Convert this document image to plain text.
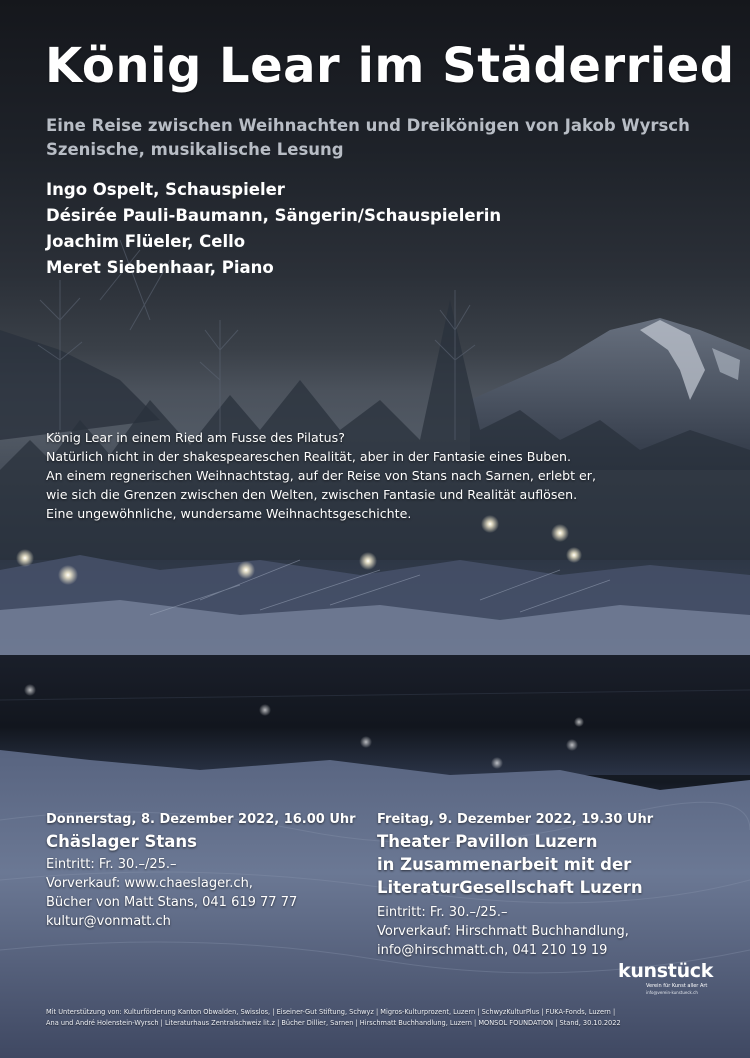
König Lear im Städerried
Eine Reise zwischen Weihnachten und Dreikönigen von Jakob Wyrsch
Szenische, musikalische Lesung
Ingo Ospelt, Schauspieler
Désirée Pauli-Baumann, Sängerin/Schauspielerin
Joachim Flüeler, Cello
Meret Siebenhaar, Piano
König Lear in einem Ried am Fusse des Pilatus?
Natürlich nicht in der shakespeareschen Realität, aber in der Fantasie eines Buben.
An einem regnerischen Weihnachtstag, auf der Reise von Stans nach Sarnen, erlebt er,
wie sich die Grenzen zwischen den Welten, zwischen Fantasie und Realität auflösen.
Eine ungewöhnliche, wundersame Weihnachtsgeschichte.
Donnerstag, 8. Dezember 2022, 16.00 Uhr
Chäslager Stans
Eintritt: Fr. 30.–/25.–
Vorverkauf: www.chaeslager.ch,
Bücher von Matt Stans, 041 619 77 77
kultur@vonmatt.ch
Freitag, 9. Dezember 2022, 19.30 Uhr
Theater Pavillon Luzern
in Zusammenarbeit mit der
LiteraturGesellschaft Luzern
Eintritt: Fr. 30.–/25.–
Vorverkauf: Hirschmatt Buchhandlung,
info@hirschmatt.ch, 041 210 19 19
kunstück
Verein für Kunst aller Art
info@verein-kunstueck.ch
Mit Unterstützung von: Kulturförderung Kanton Obwalden, Swisslos, | Eiseiner-Gut Stiftung, Schwyz | Migros-Kulturprozent, Luzern | SchwyzKulturPlus | FUKA-Fonds, Luzern |
Ana und André Holenstein-Wyrsch | Literaturhaus Zentralschweiz lit.z | Bücher Dillier, Sarnen | Hirschmatt Buchhandlung, Luzern | MONSOL FOUNDATION | Stand, 30.10.2022
